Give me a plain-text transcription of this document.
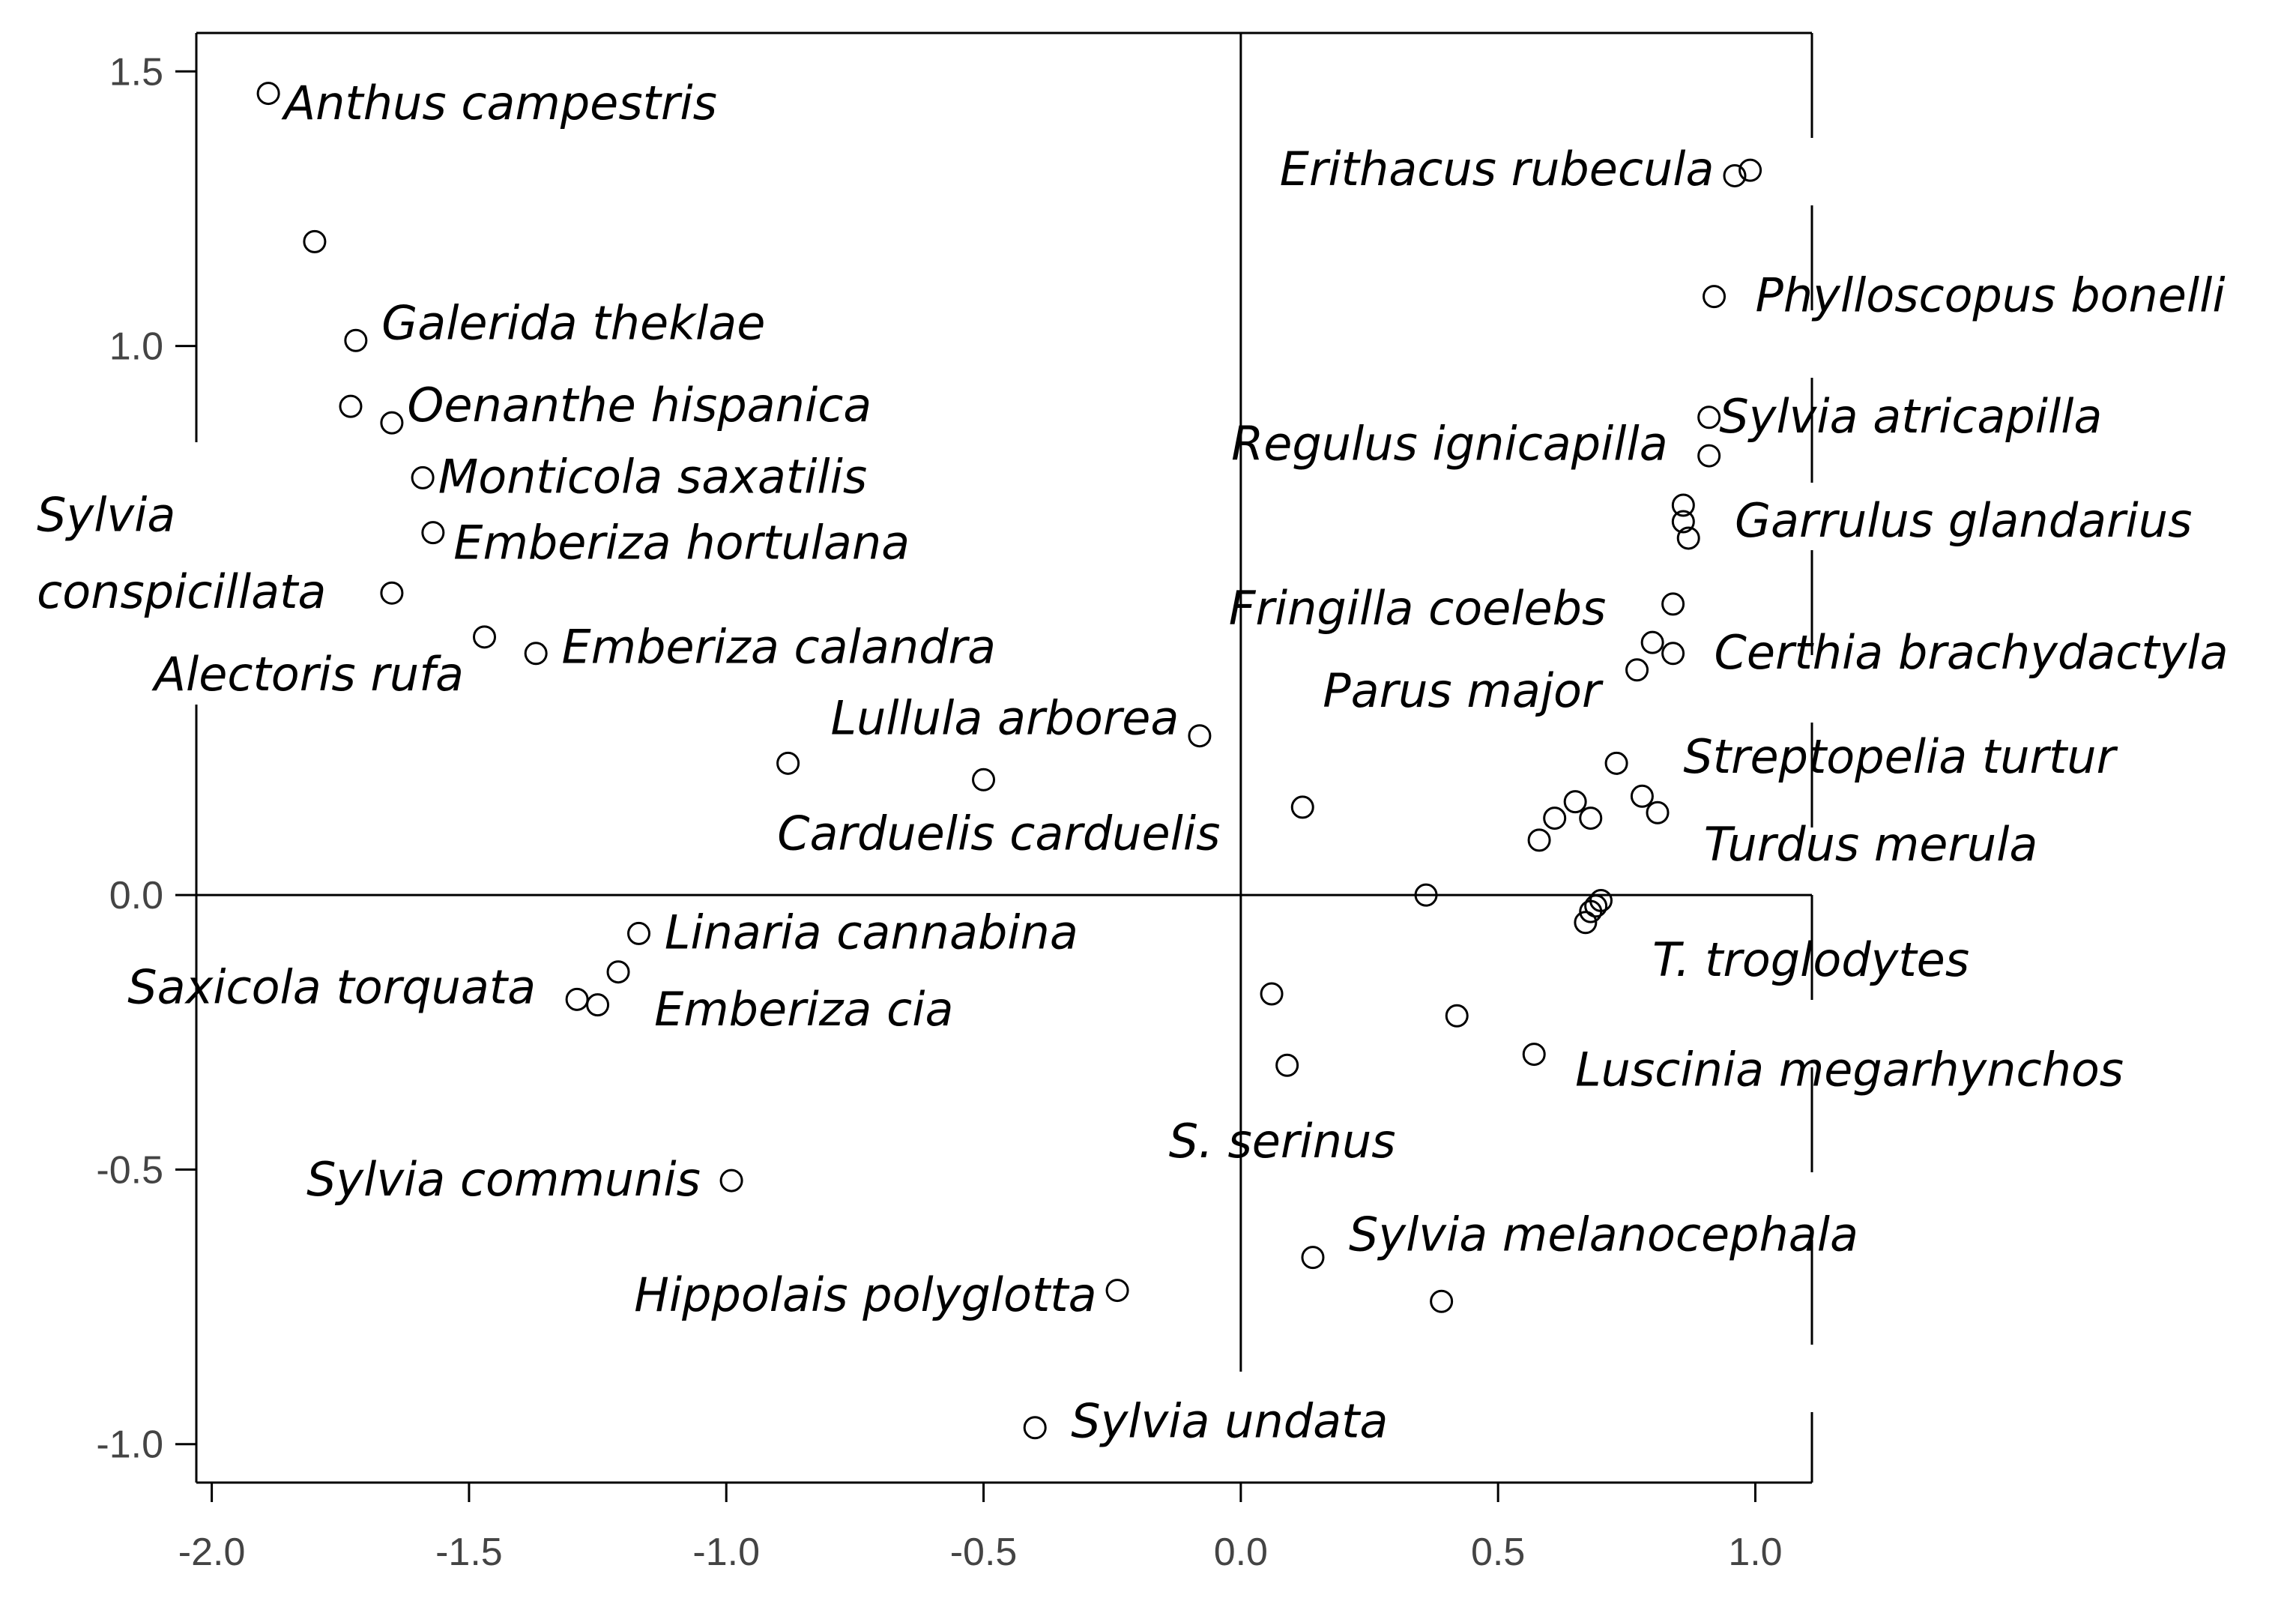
1.5
1.0
0.0
-0.5
-1.0
-2.0	-1.5	-1.0	-0.5	0.0	0.5	1.0
Anthus campestris
Erithacus rubecula
Phylloscopus bonelli
Galerida theklae
Oenanthe hispanica	Sylvia atricapilla
Regulus ignicapilla
Monticola saxatilis
Sylvia	Garrulus glandarius
Emberiza hortulana
conspicillata	Fringilla coelebs
Emberiza calandra	Certhia brachydactyla
Alectoris rufa	Parus major
Lullula arborea
Streptopelia turtur
Carduelis carduelis	Turdus merula
Linaria cannabina
T. troglodytes
Saxicola torquata	Emberiza cia
Luscinia megarhynchos
S. serinus
Sylvia communis
Sylvia melanocephala
Hippolais polyglotta
Sylvia undata
